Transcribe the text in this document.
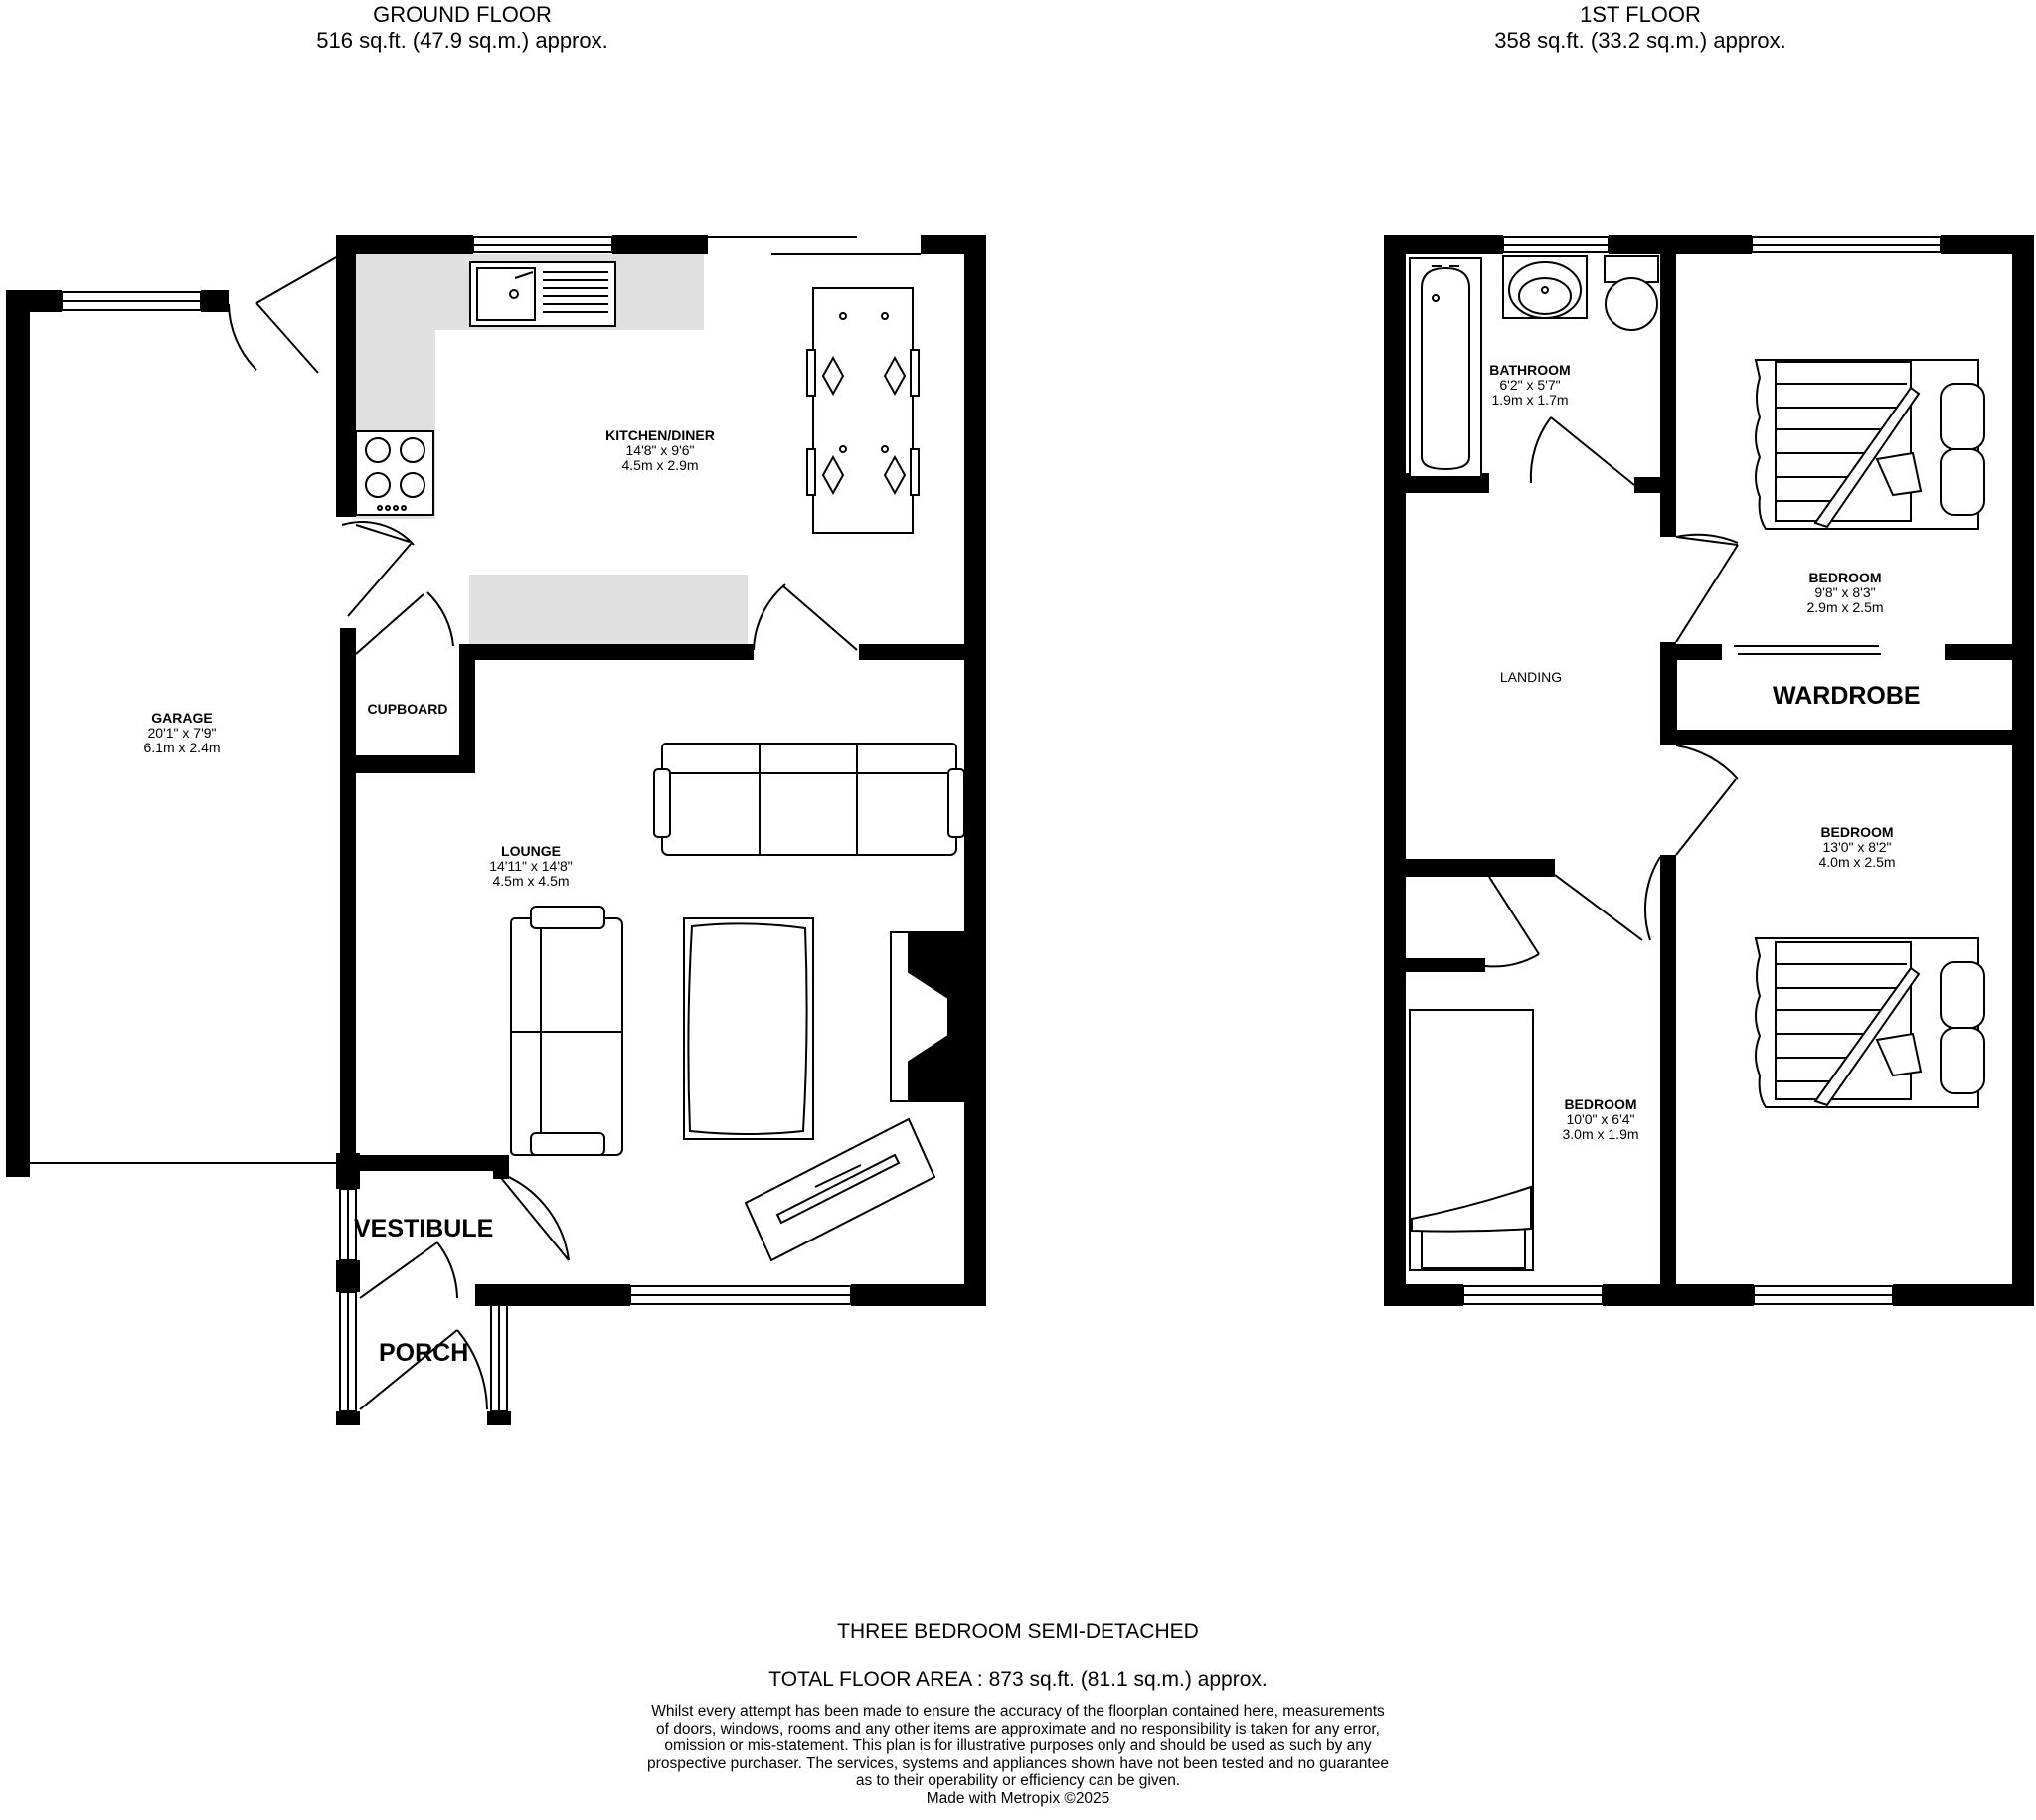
GROUND FLOOR
516 sq.ft. (47.9 sq.m.) approx.
1ST FLOOR
358 sq.ft. (33.2 sq.m.) approx.
GARAGE
20'1" x 7'9"
6.1m x 2.4m
KITCHEN/DINER
14'8" x 9'6"
4.5m x 2.9m
CUPBOARD
LOUNGE
14'11" x 14'8"
4.5m x 4.5m
BATHROOM
6'2" x 5'7"
1.9m x 1.7m
LANDING
BEDROOM
9'8" x 8'3"
2.9m x 2.5m
WARDROBE
BEDROOM
13'0" x 8'2"
4.0m x 2.5m
BEDROOM
10'0" x 6'4"
3.0m x 1.9m
VESTIBULE
PORCH
THREE BEDROOM SEMI-DETACHED
TOTAL FLOOR AREA : 873 sq.ft. (81.1 sq.m.) approx.
Whilst every attempt has been made to ensure the accuracy of the floorplan contained here, measurements
of doors, windows, rooms and any other items are approximate and no responsibility is taken for any error,
omission or mis-statement. This plan is for illustrative purposes only and should be used as such by any
prospective purchaser. The services, systems and appliances shown have not been tested and no guarantee
as to their operability or efficiency can be given.
Made with Metropix ©2025
